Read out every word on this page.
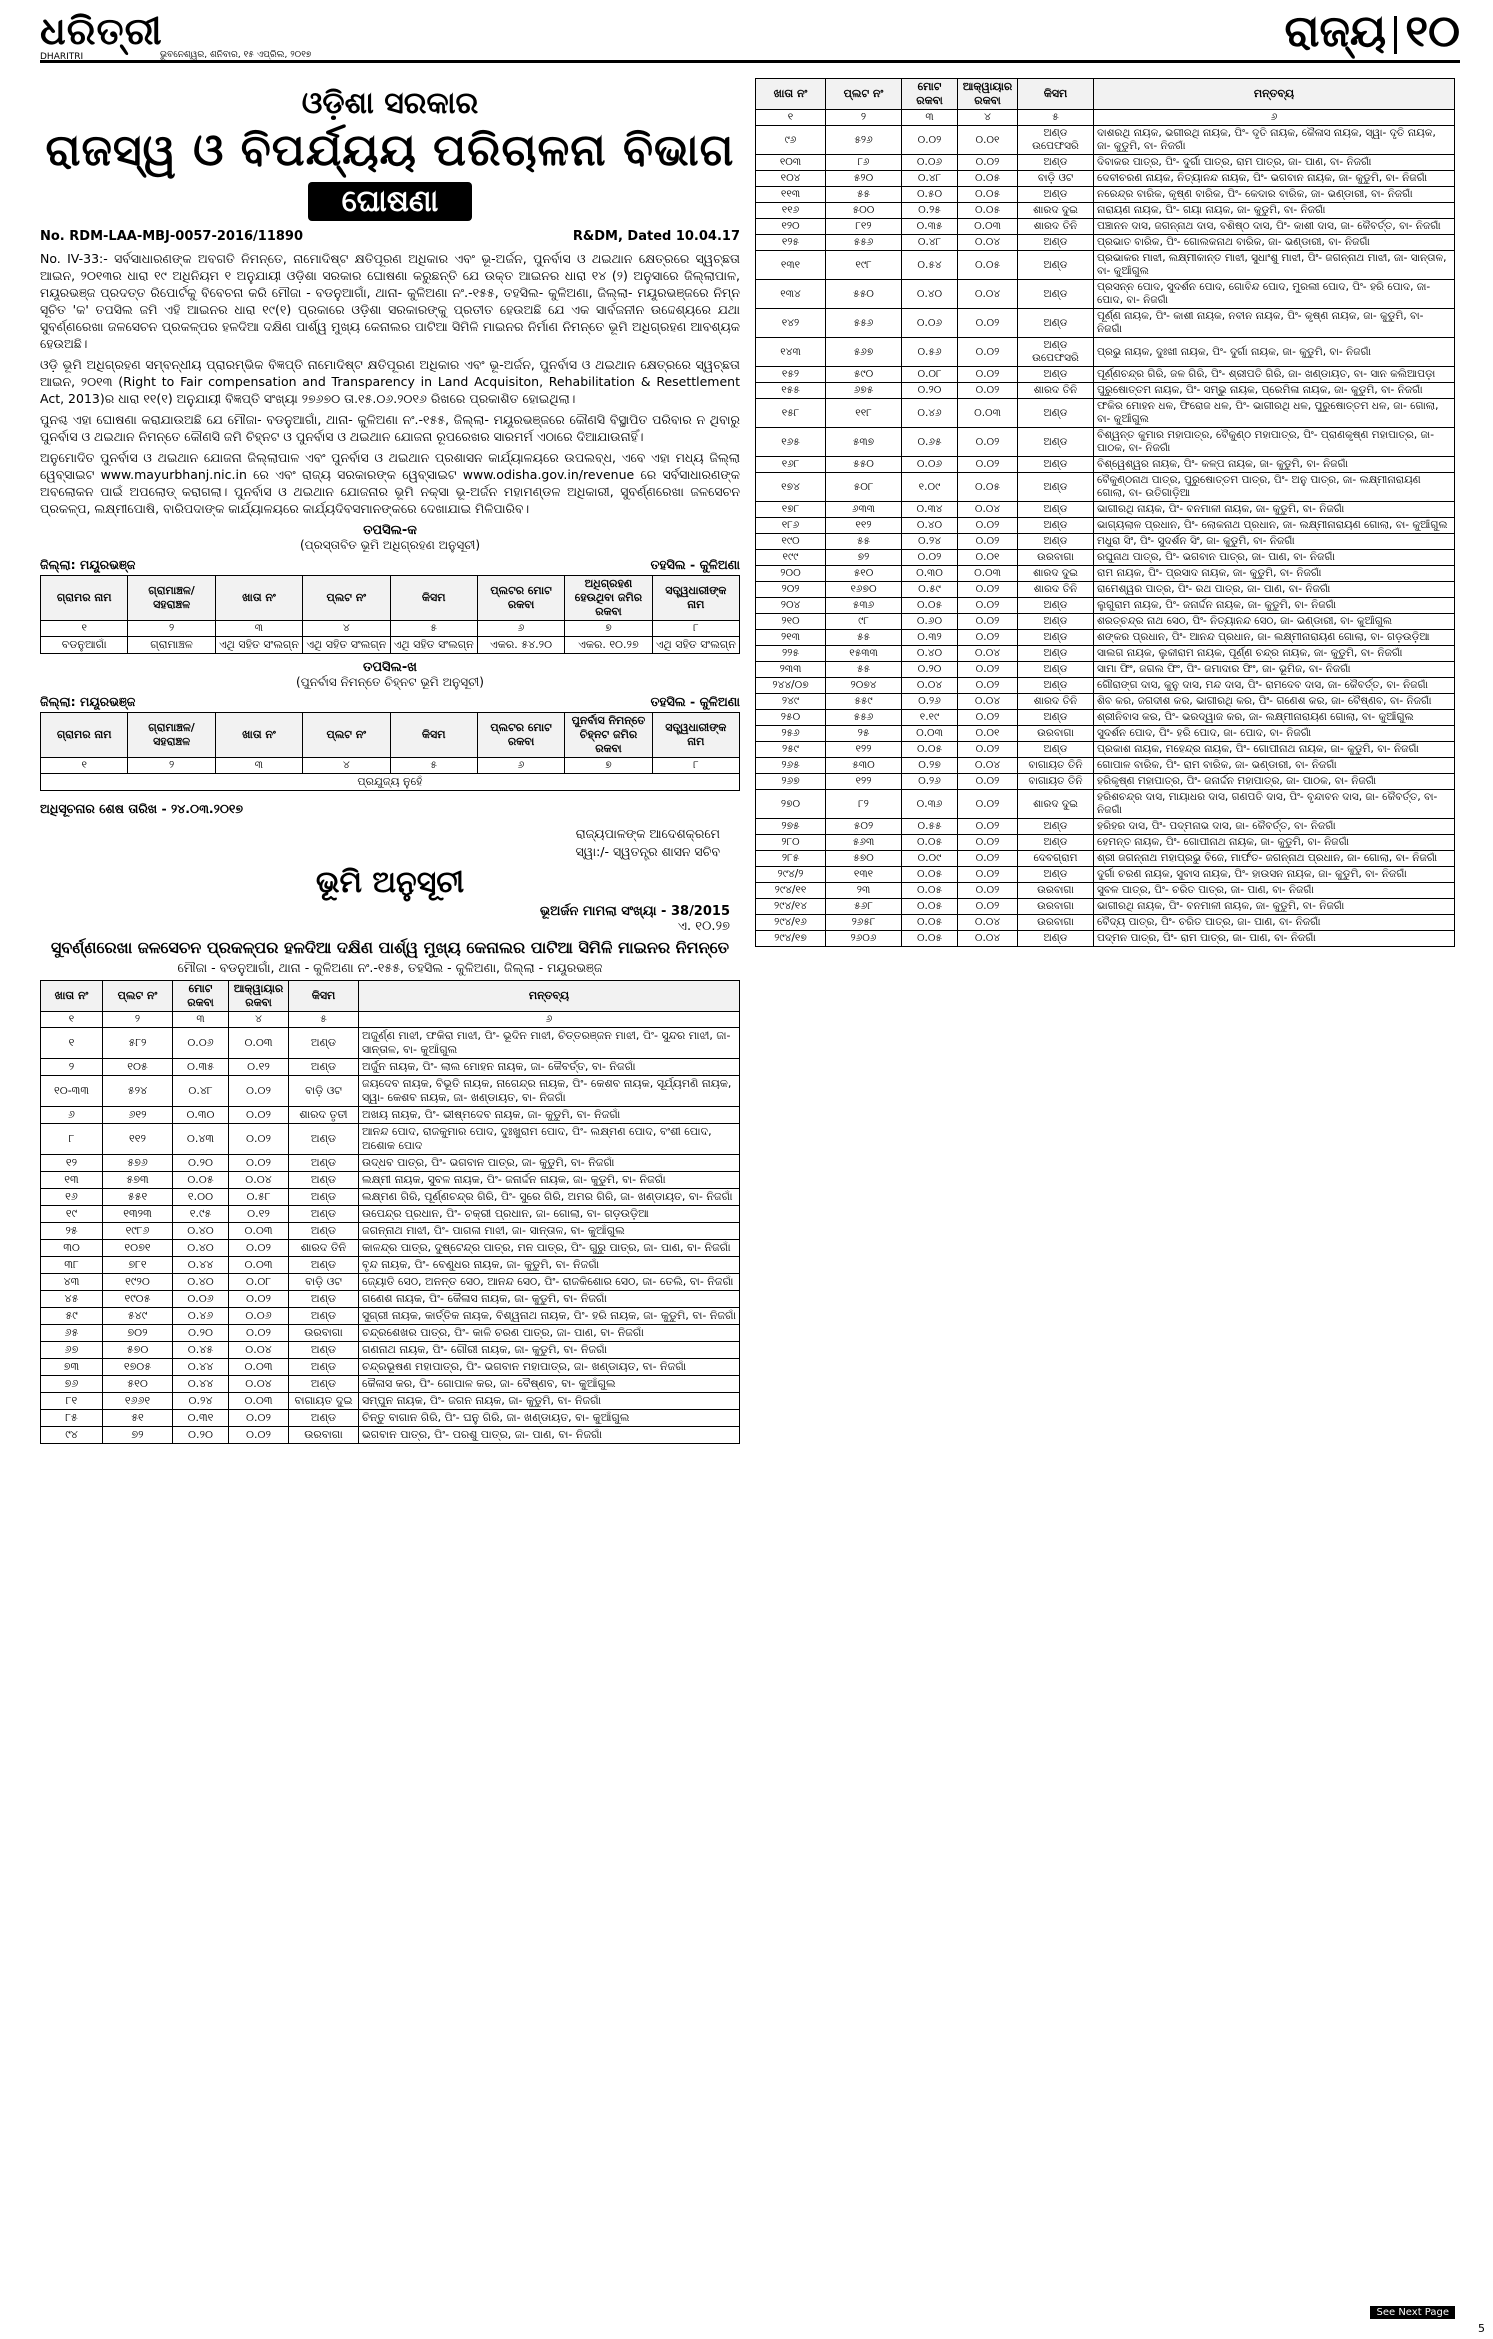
ଧରିତ୍ରୀ
DHARITRI	ଭୁବନେଶ୍ୱର, ଶନିବାର, ୧୫ ଏପ୍ରିଲ, ୨୦୧୭	ରାଜ୍ୟ ୧୦
ଓଡ଼ିଶା ସରକାର
ରାଜସ୍ୱ ଓ ବିପର୍ଯ୍ୟୟ ପରିଚାଳନା ବିଭାଗ
ଘୋଷଣା
No. RDM-LAA-MBJ-0057-2016/11890	R&DM, Dated 10.04.17

No. IV-33:- ସର୍ବସାଧାରଣଙ୍କ ଅବଗତି ନିମନ୍ତେ, ନାମୋଦିଷ୍ଟ କ୍ଷତିପୂରଣ ଅଧିକାର ଏବଂ ଭୂ-ଅର୍ଜନ, ପୁନର୍ବାସ ଓ ଥଇଥାନ କ୍ଷେତ୍ରରେ ସ୍ୱଚ୍ଛତା ଆଇନ, ୨୦୧୩ର ଧାରା ୧୯ ଅଧିନିୟମ ୧ ଅନୁଯାୟୀ ଓଡ଼ିଶା ସରକାର ଘୋଷଣା କରୁଛନ୍ତି ଯେ ଉକ୍ତ ଆଇନର ଧାରା ୧୪ (୨) ଅନୁସାରେ ଜିଲ୍ଲାପାଳ, ମୟୂରଭଞ୍ଜ ପ୍ରଦତ୍ତ ରିପୋର୍ଟକୁ ବିବେଚନା କରି ମୌଜା - ବଡନୁଆଗାଁ, ଥାନା- କୁଳିଅଣା ନଂ.-୧୫୫, ତହସିଲ- କୁଳିଅଣା, ଜିଲ୍ଲା- ମୟୂରଭଞ୍ଜରେ ନିମ୍ନ ସୂଚିତ 'କ' ତପସିଲ ଜମି ଏହି ଆଇନର ଧାରା ୧୯(୧) ପ୍ରକାରେ ଓଡ଼ିଶା ସରକାରଙ୍କୁ ପ୍ରତୀତ ହେଉଅଛି ଯେ ଏକ ସାର୍ବଜନୀନ ଉଦ୍ଦେଶ୍ୟରେ ଯଥା ସୁବର୍ଣ୍ଣରେଖା ଜଳସେଚନ ପ୍ରକଳ୍ପର ହଳଦିଆ ଦକ୍ଷିଣ ପାର୍ଶ୍ୱ ମୁଖ୍ୟ କେନାଲର ପାଟିଆ ସିମିଳି ମାଇନର ନିର୍ମାଣ ନିମନ୍ତେ ଭୂମି ଅଧିଗ୍ରହଣ ଆବଶ୍ୟକ ହେଉଅଛି।

ଓଡ଼ି ଭୂମି ଅଧିଗ୍ରହଣ ସମ୍ବନ୍ଧୀୟ ପ୍ରାରମ୍ଭିକ ବିଜ୍ଞପ୍ତି ନାମୋଦିଷ୍ଟ କ୍ଷତିପୂରଣ ଅଧିକାର ଏବଂ ଭୂ-ଅର୍ଜନ, ପୁନର୍ବାସ ଓ ଥଇଥାନ କ୍ଷେତ୍ରରେ ସ୍ୱଚ୍ଛତା ଆଇନ, ୨୦୧୩ (Right to Fair compensation and Transparency in Land Acquisiton, Rehabilitation & Resettlement Act, 2013)ର ଧାରା ୧୧(୧) ଅନୁଯାୟୀ ବିଜ୍ଞପ୍ତି ସଂଖ୍ୟା ୨୭୬୭୦ ତା.୧୫.୦୬.୨୦୧୬ ରିଖରେ ପ୍ରକାଶିତ ହୋଇଥିଲା।

ପୁନଶ୍ଚ ଏହା ଘୋଷଣା କରାଯାଉଅଛି ଯେ ମୌଜା- ବଡନୁଆଗାଁ, ଥାନା- କୁଳିଅଣା ନଂ.-୧୫୫, ଜିଲ୍ଲା- ମୟୂରଭଞ୍ଜରେ କୌଣସି ବିସ୍ଥାପିତ ପରିବାର ନ ଥିବାରୁ ପୁନର୍ବାସ ଓ ଥଇଥାନ ନିମନ୍ତେ କୌଣସି ଜମି ଚିହ୍ନଟ ଓ ପୁନର୍ବାସ ଓ ଥଇଥାନ ଯୋଜନା ରୂପରେଖର ସାରମର୍ମ ଏଠାରେ ଦିଆଯାଉନାହିଁ।

ଅନୁମୋଦିତ ପୁନର୍ବାସ ଓ ଥଇଥାନ ଯୋଜନା ଜିଲ୍ଲାପାଳ ଏବଂ ପୁନର୍ବାସ ଓ ଥଇଥାନ ପ୍ରଶାସନ କାର୍ଯ୍ୟାଳୟରେ ଉପଲବ୍ଧ, ଏବେ ଏହା ମଧ୍ୟ ଜିଲ୍ଲା ୱେବ୍‌ସାଇଟ www.mayurbhanj.nic.in ରେ ଏବଂ ରାଜ୍ୟ ସରକାରଙ୍କ ୱେବ୍‌ସାଇଟ www.odisha.gov.in/revenue ରେ ସର୍ବସାଧାରଣଙ୍କ ଅବଲୋକନ ପାଇଁ ଅପଲୋଡ୍ କରାଗଲା। ପୁନର୍ବାସ ଓ ଥଇଥାନ ଯୋଜନାର ଭୂମି ନକ୍ସା ଭୂ-ଅର୍ଜନ ମହାମଣ୍ଡଳ ଅଧିକାରୀ, ସୁବର୍ଣ୍ଣରେଖା ଜଳସେଚନ ପ୍ରକଳ୍ପ, ଲକ୍ଷ୍ମୀପୋଷି, ବାରିପଦାଙ୍କ କାର୍ଯ୍ୟାଳୟରେ କାର୍ଯ୍ୟଦିବସମାନଙ୍କରେ ଦେଖାଯାଇ ମିଳିପାରିବ।

ତପସିଲ-କ
(ପ୍ରସ୍ତାବିତ ଭୂମି ଅଧିଗ୍ରହଣ ଅନୁସୂଚୀ)
ଜିଲ୍ଲା: ମୟୂରଭଞ୍ଜ	ତହସିଲ - କୁଳିଅଣା
ଗ୍ରାମର ନାମ	ଗ୍ରାମାଞ୍ଚଳ/ ସହରାଞ୍ଚଳ	ଖାତା ନଂ	ପ୍ଲଟ ନଂ	କିସମ	ପ୍ଲଟର ମୋଟ ରକବା	ଅଧିଗ୍ରହଣ ହେଉଥିବା ଜମିର ରକବା	ସତ୍ତ୍ୱଧାରୀଙ୍କ ନାମ
୧	୨	୩	୪	୫	୬	୭	୮
ବଡନୁଆଗାଁ	ଗ୍ରାମାଞ୍ଚଳ	ଏଥି ସହିତ ସଂଲଗ୍ନ	ଏଥି ସହିତ ସଂଲଗ୍ନ	ଏଥି ସହିତ ସଂଲଗ୍ନ	ଏକର. ୫୪.୨୦	ଏକର. ୧୦.୨୭	ଏଥି ସହିତ ସଂଲଗ୍ନ
ତପସିଲ-ଖ
(ପୁନର୍ବାସ ନିମନ୍ତେ ଚିହ୍ନଟ ଭୂମି ଅନୁସୂଚୀ)
ଜିଲ୍ଲା: ମୟୂରଭଞ୍ଜ	ତହସିଲ - କୁଳିଅଣା
ଗ୍ରାମର ନାମ	ଗ୍ରାମାଞ୍ଚଳ/ ସହରାଞ୍ଚଳ	ଖାତା ନଂ	ପ୍ଲଟ ନଂ	କିସମ	ପ୍ଲଟର ମୋଟ ରକବା	ପୁନର୍ବାସ ନିମନ୍ତେ ଚିହ୍ନଟ ଜମିର ରକବା	ସତ୍ତ୍ୱଧାରୀଙ୍କ ନାମ
୧	୨	୩	୪	୫	୬	୭	୮
ପ୍ରଯୁଜ୍ୟ ନୁହେଁ							
ଅଧିସୂଚନାର ଶେଷ ତାରିଖ - ୨୪.୦୩.୨୦୧୭
ରାଜ୍ୟପାଳଙ୍କ ଆଦେଶକ୍ରମେ
ସ୍ୱା:/- ସ୍ୱତନ୍ତ୍ର ଶାସନ ସଚିବ
ଭୂମି ଅନୁସୂଚୀ
ଭୂଅର୍ଜନ ମାମଲା ସଂଖ୍ୟା - 38/2015
ଏ. ୧୦.୨୭
ସୁବର୍ଣ୍ଣରେଖା ଜଳସେଚନ ପ୍ରକଳ୍ପର ହଳଦିଆ ଦକ୍ଷିଣ ପାର୍ଶ୍ୱ ମୁଖ୍ୟ କେନାଲର ପାଟିଆ ସିମିଳି ମାଇନର ନିମନ୍ତେ
ମୌଜା - ବଡନୁଆଗାଁ, ଥାନା - କୁଳିଅଣା ନଂ.-୧୫୫, ତହସିଲ - କୁଳିଅଣା, ଜିଲ୍ଲା - ମୟୂରଭଞ୍ଜ
ଖାତା ନଂ	ପ୍ଲଟ ନଂ	ମୋଟ ରକବା	ଆକ୍ୱାୟାର ରକବା	କିସମ	ମନ୍ତବ୍ୟ
୧	୨	୩	୪	୫	୬
୧	୫୮୨	୦.୦୬	୦.୦୩	ଅଣ୍ଡ	ଅଜୁର୍ଣ୍ଣ ମାଝୀ, ଫକିରା ମାଝୀ, ପିଂ- ଭୂଦିନ ମାଝୀ, ଚିତ୍ତରଞ୍ଜନ ମାଝୀ, ପିଂ- ସୁନ୍ଦର ମାଝୀ, ଜା- ସାନ୍ତାଳ, ବା- କୁଆଁଗୁଲ
୨	୧୦୫	୦.୩୫	୦.୧୨	ଅଣ୍ଡ	ଅର୍ଜୁନ ନାୟକ, ପିଂ- ଲାଲ ମୋହନ ନାୟକ, ଜା- କୈବର୍ତ୍ତ, ବା- ନିଜଗାଁ
୧୦-୩୩	୫୨୪	୦.୪୮	୦.୦୨	ବାଡ଼ି ଓଟ	ଜୟଦେବ ନାୟକ, ବିଭୂତି ନାୟକ, ନାଗେନ୍ଦ୍ର ନାୟକ, ପିଂ- କେଶବ ନାୟକ, ସୂର୍ଯ୍ୟମଣି ନାୟକ, ସ୍ୱା- କେଶବ ନାୟକ, ଜା- ଖଣ୍ଡାୟତ, ବା- ନିଜଗାଁ
୬	୬୧୨	୦.୩୦	୦.୦୨	ଶାରଦ ତୃତୀ	ଅଖୟ ନାୟକ, ପିଂ- ଭୀଷ୍ମଦେବ ନାୟକ, ଜା- କୁଡୁମି, ବା- ନିଜଗାଁ
୮	୧୧୨	୦.୪୩	୦.୦୨	ଅଣ୍ଡ	ଆନନ୍ଦ ପୋଦ, ରାଜକୁମାର ପୋଦ, ଦୁଃଖୁରାମ ପୋଦ, ପିଂ- ଲକ୍ଷ୍ମଣ ପୋଦ, ବଂଶୀ ପୋଦ, ଅଶୋକ ପୋଦ
୧୨	୫୭୬	୦.୨୦	୦.୦୨	ଅଣ୍ଡ	ଉଦ୍ଧବ ପାତ୍ର, ପିଂ- ଭଗବାନ ପାତ୍ର, ଜା- କୁଡୁମି, ବା- ନିଜଗାଁ
୧୩	୫୭୩	୦.୦୫	୦.୦୪	ଅଣ୍ଡ	ଲକ୍ଷ୍ମୀ ନାୟକ, ସୁବଳ ନାୟକ, ପିଂ- ଜନାର୍ଦ୍ଦନ ନାୟକ, ଜା- କୁଡୁମି, ବା- ନିଜଗାଁ
୧୬	୫୫୧	୧.୦୦	୦.୫୮	ଅଣ୍ଡ	ଲକ୍ଷ୍ମଣ ଗିରି, ପୂର୍ଣ୍ଣଚନ୍ଦ୍ର ଗିରି, ପିଂ- ସୁରେ ଗିରି, ଅମର ଗିରି, ଜା- ଖଣ୍ଡାୟତ, ବା- ନିଜଗାଁ
୧୯	୧୩୨୩	୧.୯୫	୦.୧୨	ଅଣ୍ଡ	ଉପେନ୍ଦ୍ର ପ୍ରଧାନ, ପିଂ- ଚକ୍ରୀ ପ୍ରଧାନ, ଜା- ଗୋଲା, ବା- ଗଡ଼ଉଡ଼ିଆ
୨୫	୧୯୮୬	୦.୪୦	୦.୦୩	ଅଣ୍ଡ	ଜଗନ୍ନାଥ ମାଝୀ, ପିଂ- ପାଗଳା ମାଝୀ, ଜା- ସାନ୍ତାଳ, ବା- କୁଆଁଗୁଲ
୩୦	୧୦୭୧	୦.୪୦	୦.୦୨	ଶାରଦ ତିନି	କାଳନ୍ଦ୍ର ପାତ୍ର, ଦୁଷ୍ଟେନ୍ଦ୍ର ପାତ୍ର, ମନ ପାତ୍ର, ପିଂ- ଗୁରୁ ପାତ୍ର, ଜା- ପାଣ, ବା- ନିଜଗାଁ
୩୮	୭୮୧	୦.୪୪	୦.୦୩	ଅଣ୍ଡ	ବୃନ୍ଦ ନାୟକ, ପିଂ- ବେଣୁଧର ନାୟକ, ଜା- କୁଡୁମି, ବା- ନିଜଗାଁ
୪୩	୧୯୨୦	୦.୪୦	୦.୦୮	ବାଡ଼ି ଓଟ	ଜ୍ୟୋତି ସେଠ, ଅନନ୍ତ ସେଠ, ଆନନ୍ଦ ସେଠ, ପିଂ- ରାଜକିଶୋର ସେଠ, ଜା- ତେଲି, ବା- ନିଜଗାଁ
୪୫	୧୯୦୫	୦.୦୬	୦.୦୨	ଅଣ୍ଡ	ଗଣେଶ ନାୟକ, ପିଂ- କୈଳାସ ନାୟକ, ଜା- କୁଡୁମି, ବା- ନିଜଗାଁ
୫୯	୫୪୯	୦.୪୬	୦.୦୬	ଅଣ୍ଡ	ସୁଗ୍ରୀ ନାୟକ, କାର୍ତ୍ତିକ ନାୟକ, ବିଶ୍ୱନାଥ ନାୟକ, ପିଂ- ହରି ନାୟକ, ଜା- କୁଡୁମି, ବା- ନିଜଗାଁ
୬୫	୭୦୨	୦.୨୦	୦.୦୨	ଉରବାଗା	ଚନ୍ଦ୍ରଶେଖର ପାତ୍ର, ପିଂ- କାଳି ଚରଣ ପାତ୍ର, ଜା- ପାଣ, ବା- ନିଜଗାଁ
୬୭	୫୭୦	୦.୪୫	୦.୦୪	ଅଣ୍ଡ	ଗଣନାଥ ନାୟକ, ପିଂ- ଗୌରୀ ନାୟକ, ଜା- କୁଡୁମି, ବା- ନିଜଗାଁ
୭୩	୧୭୦୫	୦.୪୪	୦.୦୩	ଅଣ୍ଡ	ଚନ୍ଦ୍ରଭୂଷଣ ମହାପାତ୍ର, ପିଂ- ଭଗବାନ ମହାପାତ୍ର, ଜା- ଖଣ୍ଡାୟତ, ବା- ନିଜଗାଁ
୭୬	୫୧୦	୦.୪୪	୦.୦୪	ଅଣ୍ଡ	କୈଳାସ କର, ପିଂ- ଗୋପାଳ କର, ଜା- ବୈଷ୍ଣବ, ବା- କୁଆଁଗୁଲ
୮୧	୧୬୬୧	୦.୨୪	୦.୦୩	ବାଗାୟତ ଦୁଇ	ସମ୍ପୁନ ନାୟକ, ପିଂ- ଜଗନ ନାୟକ, ଜା- କୁଡୁମି, ବା- ନିଜଗାଁ
୮୫	୫୧	୦.୩୧	୦.୦୨	ଅଣ୍ଡ	ଚିନ୍ତୁ ବାଗାନ ଗିରି, ପିଂ- ଘନୁ ଗିରି, ଜା- ଖଣ୍ଡାୟତ, ବା- କୁଆଁଗୁଲ
୯୪	୭୨	୦.୨୦	୦.୦୨	ଉରବାଗା	ଭଗବାନ ପାତ୍ର, ପିଂ- ପରଶୁ ପାତ୍ର, ଜା- ପାଣ, ବା- ନିଜଗାଁ
ଖାତା ନଂ	ପ୍ଲଟ ନଂ	ମୋଟ ରକବା	ଆକ୍ୱାୟାର ରକବା	କିସମ	ମନ୍ତବ୍ୟ
୧	୨	୩	୪	୫	୬
୯୬	୫୨୬	୦.୦୨	୦.୦୧	ଅଣ୍ଡ ଉପେଫସରି	ଦାଶରଥି ନାୟକ, ଭଗୀରଥି ନାୟକ, ପିଂ- ଦୃତି ନାୟକ, କୈଳାସ ନାୟକ, ସ୍ୱା- ଦୃତି ନାୟକ, ଜା- କୁଡୁମି, ବା- ନିଜଗାଁ
୧୦୩	୮୬	୦.୦୬	୦.୦୨	ଅଣ୍ଡ	ଦିବାକର ପାତ୍ର, ପିଂ- ଦୁର୍ଗା ପାତ୍ର, ରାମ ପାତ୍ର, ଜା- ପାଣ, ବା- ନିଜଗାଁ
୧୦୪	୫୨୦	୦.୪୮	୦.୦୫	ବାଡ଼ି ଓଟ	ଦେବୀଚରଣ ନାୟକ, ନିତ୍ୟାନନ୍ଦ ନାୟକ, ପିଂ- ଭଗବାନ ନାୟକ, ଜା- କୁଡୁମି, ବା- ନିଜଗାଁ
୧୧୩	୫୫	୦.୫୦	୦.୦୫	ଅଣ୍ଡ	ନରେନ୍ଦ୍ର ବାରିକ, କୃଷ୍ଣ ବାରିକ, ପିଂ- କେଦାର ବାରିକ, ଜା- ଭଣ୍ଡାରୀ, ବା- ନିଜଗାଁ
୧୧୬	୫୦୦	୦.୨୫	୦.୦୫	ଶାରଦ ଦୁଇ	ନାରାୟଣ ନାୟକ, ପିଂ- ଗୟା ନାୟକ, ଜା- କୁଡୁମି, ବା- ନିଜଗାଁ
୧୨୦	୮୧୨	୦.୩୫	୦.୦୩	ଶାରଦ ତିନି	ପଞ୍ଚାନନ ଦାସ, ଜଗନ୍ନାଥ ଦାସ, ବଶିଷ୍ଠ ଦାସ, ପିଂ- କାଶୀ ଦାସ, ଜା- କୈବର୍ତ୍ତ, ବା- ନିଜଗାଁ
୧୨୫	୫୫୬	୦.୪୮	୦.୦୪	ଅଣ୍ଡ	ପ୍ରଭାତ ବାରିକ, ପିଂ- ଗୋଲକନାଥ ବାରିକ, ଜା- ଭଣ୍ଡାରୀ, ବା- ନିଜଗାଁ
୧୩୧	୧୯୮	୦.୫୪	୦.୦୫	ଅଣ୍ଡ	ପ୍ରଭାକର ମାଝୀ, ଲକ୍ଷ୍ମୀକାନ୍ତ ମାଝୀ, ସୁଧାଂଶୁ ମାଝୀ, ପିଂ- ଜଗନ୍ନାଥ ମାଝୀ, ଜା- ସାନ୍ତାଳ, ବା- କୁଆଁଗୁଲ
୧୩୪	୫୫୦	୦.୪୦	୦.୦୪	ଅଣ୍ଡ	ପ୍ରସନ୍ନ ପୋଦ, ସୁଦର୍ଶନ ପୋଦ, ଗୋବିନ୍ଦ ପୋଦ, ମୁରଲୀ ପୋଦ, ପିଂ- ହରି ପୋଦ, ଜା- ପୋଦ, ବା- ନିଜଗାଁ
୧୪୨	୫୫୬	୦.୦୬	୦.୦୨	ଅଣ୍ଡ	ପୂର୍ଣ୍ଣ ନାୟକ, ପିଂ- କାଶୀ ନାୟକ, ନବୀନ ନାୟକ, ପିଂ- କୃଷ୍ଣ ନାୟକ, ଜା- କୁଡୁମି, ବା- ନିଜଗାଁ
୧୪୩	୫୬୭	୦.୫୬	୦.୦୨	ଅଣ୍ଡ ଉପେଫସରି	ପ୍ରଭୁ ନାୟକ, ଦୁଃଖୀ ନାୟକ, ପିଂ- ଦୁର୍ଗା ନାୟକ, ଜା- କୁଡୁମି, ବା- ନିଜଗାଁ
୧୫୨	୫୯୦	୦.୦୮	୦.୦୨	ଅଣ୍ଡ	ପୂର୍ଣ୍ଣଚନ୍ଦ୍ର ଗିରି, ଜଳ ଗିରି, ପିଂ- ଶ୍ରୀପତି ଗିରି, ଜା- ଖଣ୍ଡାୟତ, ବା- ସାନ କଲିଆପଡ଼ା
୧୫୫	୬୭୫	୦.୨୦	୦.୦୨	ଶାରଦ ତିନି	ପୁରୁଷୋତ୍ତମ ନାୟକ, ପିଂ- ସମ୍ଭୁ ନାୟକ, ପ୍ରେମିଳା ନାୟକ, ଜା- କୁଡୁମି, ବା- ନିଜଗାଁ
୧୫୮	୧୧୮	୦.୪୬	୦.୦୩	ଅଣ୍ଡ	ଫକିର ମୋହନ ଧଳ, ଫିରୋଜ ଧଳ, ପିଂ- ଭାଗୀରଥି ଧଳ, ପୁରୁଷୋତ୍ତମ ଧଳ, ଜା- ଗୋଲା, ବା- କୁଆଁଗୁଲ
୧୬୫	୫୩୭	୦.୬୫	୦.୦୨	ଅଣ୍ଡ	ବିଶ୍ୱନ୍ତ କୁମାର ମହାପାତ୍ର, ବୈକୁଣ୍ଠ ମହାପାତ୍ର, ପିଂ- ପ୍ରାଣକୃଷ୍ଣ ମହାପାତ୍ର, ଜା- ପାଠକ, ବା- ନିଜଗାଁ
୧୬୮	୫୫୦	୦.୦୬	୦.୦୨	ଅଣ୍ଡ	ବିଶ୍ୱେଶ୍ୱର ନାୟକ, ପିଂ- କଳ୍ପ ନାୟକ, ଜା- କୁଡୁମି, ବା- ନିଜଗାଁ
୧୭୪	୫୦୮	୧.୦୯	୦.୦୫	ଅଣ୍ଡ	ବୈକୁଣ୍ଠନାଥ ପାତ୍ର, ପୁରୁଷୋତ୍ତମ ପାତ୍ର, ପିଂ- ଅନୁ ପାତ୍ର, ଜା- ଲକ୍ଷ୍ମୀନାରାୟଣ ଗୋଲା, ବା- ଉତିଗାଡ଼ିଆ
୧୭୮	୬୩୩	୦.୩୪	୦.୦୪	ଅଣ୍ଡ	ଭାଗୀରଥି ନାୟକ, ପିଂ- ବନମାଳୀ ନାୟକ, ଜା- କୁଡୁମି, ବା- ନିଜଗାଁ
୧୮୬	୧୧୨	୦.୪୦	୦.୦୨	ଅଣ୍ଡ	ଭାଗ୍ୟଲାଳ ପ୍ରଧାନ, ପିଂ- ଲୋକନାଥ ପ୍ରଧାନ, ଜା- ଲକ୍ଷ୍ମୀନାରାୟଣ ଗୋଲା, ବା- କୁଆଁଗୁଲ
୧୯୦	୫୫	୦.୨୪	୦.୦୨	ଅଣ୍ଡ	ମଧୁରା ସିଂ, ପିଂ- ସୁଦର୍ଶନ ସିଂ, ଜା- କୁଡୁମି, ବା- ନିଜଗାଁ
୧୯୯	୭୨	୦.୦୨	୦.୦୧	ଉରବାଗା	ରଘୁନାଥ ପାତ୍ର, ପିଂ- ଭଗବାନ ପାତ୍ର, ଜା- ପାଣ, ବା- ନିଜଗାଁ
୨୦୦	୫୧୦	୦.୩୦	୦.୦୩	ଶାରଦ ଦୁଇ	ରାମ ନାୟକ, ପିଂ- ପ୍ରସାଦ ନାୟକ, ଜା- କୁଡୁମି, ବା- ନିଜଗାଁ
୨୦୨	୧୬୭୦	୦.୫୯	୦.୦୨	ଶାରଦ ତିନି	ରାମେଶ୍ୱର ପାତ୍ର, ପିଂ- ରଥ ପାତ୍ର, ଜା- ପାଣ, ବା- ନିଜଗାଁ
୨୦୪	୫୩୬	୦.୦୫	୦.୦୨	ଅଣ୍ଡ	ଲୁଗୁରାମ ନାୟକ, ପିଂ- ଜନାର୍ଦ୍ଦନ ନାୟକ, ଜା- କୁଡୁମି, ବା- ନିଜଗାଁ
୨୧୦	୯୮	୦.୬୦	୦.୦୨	ଅଣ୍ଡ	ଶରତ୍ଚନ୍ଦ୍ର ନାଥ ସେଠ, ପିଂ- ନିତ୍ୟାନନ୍ଦ ସେଠ, ଜା- ଭଣ୍ଡାରୀ, ବା- କୁଆଁଗୁଲ
୨୧୩	୫୫	୦.୩୨	୦.୦୨	ଅଣ୍ଡ	ଶଙ୍କର ପ୍ରଧାନ, ପିଂ- ଆନନ୍ଦ ପ୍ରଧାନ, ଜା- ଲକ୍ଷ୍ମୀନାରାୟଣ ଗୋଲା, ବା- ଗଡ଼ଉଡ଼ିଆ
୨୨୫	୧୫୩୩	୦.୪୦	୦.୦୪	ଅଣ୍ଡ	ସାଲଗ ନାୟକ, ଲୁକୀରାମ ନାୟକ, ପୂର୍ଣ୍ଣ ଚନ୍ଦ୍ର ନାୟକ, ଜା- କୁଡୁମି, ବା- ନିଜଗାଁ
୨୩୩	୫୫	୦.୨୦	୦.୦୨	ଅଣ୍ଡ	ସାମା ଫିଂ, ଜଗଲ ଫିଂ, ପିଂ- ଜମାଦାର ଫିଂ, ଜା- ଭୂମିଜ, ବା- ନିଜଗାଁ
୨୪୪/୦୭	୨୦୭୪	୦.୦୪	୦.୦୨	ଅଣ୍ଡ	ଗୌରାଙ୍ଗ ଦାସ, କୁନୁ ଦାସ, ମନ୍ଦ ଦାସ, ପିଂ- ରାମଦେବ ଦାସ, ଜା- କୈବର୍ତ୍ତ, ବା- ନିଜଗାଁ
୨୪୯	୫୫୯	୦.୨୬	୦.୦୪	ଶାରଦ ତିନି	ଶିବ କର, ଜଗଦୀଶ କର, ଭାଗୀରଥି କର, ପିଂ- ଗଣେଶ କର, ଜା- ବୈଷ୍ଣବ, ବା- ନିଜଗାଁ
୨୫୦	୫୫୬	୧.୧୯	୦.୦୨	ଅଣ୍ଡ	ଶ୍ରୀନିବାସ କର, ପିଂ- ଭରଦ୍ୱାଜ କର, ଜା- ଲକ୍ଷ୍ମୀନାରାୟଣ ଗୋଲା, ବା- କୁଆଁଗୁଲ
୨୫୬	୨୫	୦.୦୩	୦.୦୧	ଉରବାଗା	ସୁଦର୍ଶନ ପୋଦ, ପିଂ- ହରି ପୋଦ, ଜା- ପୋଦ, ବା- ନିଜଗାଁ
୨୫୯	୧୨୨	୦.୦୫	୦.୦୨	ଅଣ୍ଡ	ପ୍ରକାଶ ନାୟକ, ମହେନ୍ଦ୍ର ନାୟକ, ପିଂ- ଗୋପୀନାଥ ନାୟକ, ଜା- କୁଡୁମି, ବା- ନିଜଗାଁ
୨୬୫	୫୩୦	୦.୨୭	୦.୦୪	ବାଗାୟତ ତିନି	ଗୋପାଳ ବାରିକ, ପିଂ- ରାମ ବାରିକ, ଜା- ଭଣ୍ଡାରୀ, ବା- ନିଜଗାଁ
୨୬୭	୧୨୨	୦.୨୬	୦.୦୨	ବାଗାୟତ ତିନି	ହରିକୃଷ୍ଣ ମହାପାତ୍ର, ପିଂ- ଜନାର୍ଦ୍ଦନ ମହାପାତ୍ର, ଜା- ପାଠକ, ବା- ନିଜଗାଁ
୨୭୦	୮୨	୦.୩୬	୦.୦୨	ଶାରଦ ଦୁଇ	ହରିଶଚନ୍ଦ୍ର ଦାସ, ମାୟାଧର ଦାସ, ଗଣପତି ଦାସ, ପିଂ- ବୃନ୍ଦାବନ ଦାସ, ଜା- କୈବର୍ତ୍ତ, ବା- ନିଜଗାଁ
୨୭୫	୫୦୨	୦.୫୫	୦.୦୨	ଅଣ୍ଡ	ହରିହର ଦାସ, ପିଂ- ପଦ୍ମନାଭ ଦାସ, ଜା- କୈବର୍ତ୍ତ, ବା- ନିଜଗାଁ
୨୮୦	୫୬୩	୦.୦୫	୦.୦୨	ଅଣ୍ଡ	ହେମନ୍ତ ନାୟକ, ପିଂ- ଗୋପୀନାଥ ନାୟକ, ଜା- କୁଡୁମି, ବା- ନିଜଗାଁ
୨୮୫	୫୭୦	୦.୦୯	୦.୦୨	ଦେବଗ୍ରାମ	ଶ୍ରୀ ଜଗନ୍ନାଥ ମହାପ୍ରଭୁ ବିଜେ, ମାର୍ଫତ- ଜଗନ୍ନାଥ ପ୍ରଧାନ, ଜା- ଗୋଲା, ବା- ନିଜଗାଁ
୨୯୪/୨	୧୩୧	୦.୦୫	୦.୦୨	ଅଣ୍ଡ	ଦୁର୍ଗା ଚରଣ ନାୟକ, ସୁବାସ ନାୟକ, ପିଂ- ହାଉସନ ନାୟକ, ଜା- କୁଡୁମି, ବା- ନିଜଗାଁ
୨୯୪/୧୧	୨୩	୦.୦୫	୦.୦୨	ଉରବାଗା	ସୁବଳ ପାତ୍ର, ପିଂ- ଚରିତ ପାତ୍ର, ଜା- ପାଣ, ବା- ନିଜଗାଁ
୨୯୪/୧୪	୫୬୮	୦.୦୫	୦.୦୨	ଉରବାଗା	ଭାଗୀରଥି ନାୟକ, ପିଂ- ବନମାଳୀ ନାୟକ, ଜା- କୁଡୁମି, ବା- ନିଜଗାଁ
୨୯୪/୧୬	୨୬୫୮	୦.୦୫	୦.୦୪	ଉରବାଗା	ବୈଦ୍ୟ ପାତ୍ର, ପିଂ- ଚରିତ ପାତ୍ର, ଜା- ପାଣ, ବା- ନିଜଗାଁ
୨୯୪/୧୭	୨୬୦୬	୦.୦୫	୦.୦୪	ଅଣ୍ଡ	ପଦ୍ମନ ପାତ୍ର, ପିଂ- ରାମ ପାତ୍ର, ଜା- ପାଣ, ବା- ନିଜଗାଁ
See Next Page
5
